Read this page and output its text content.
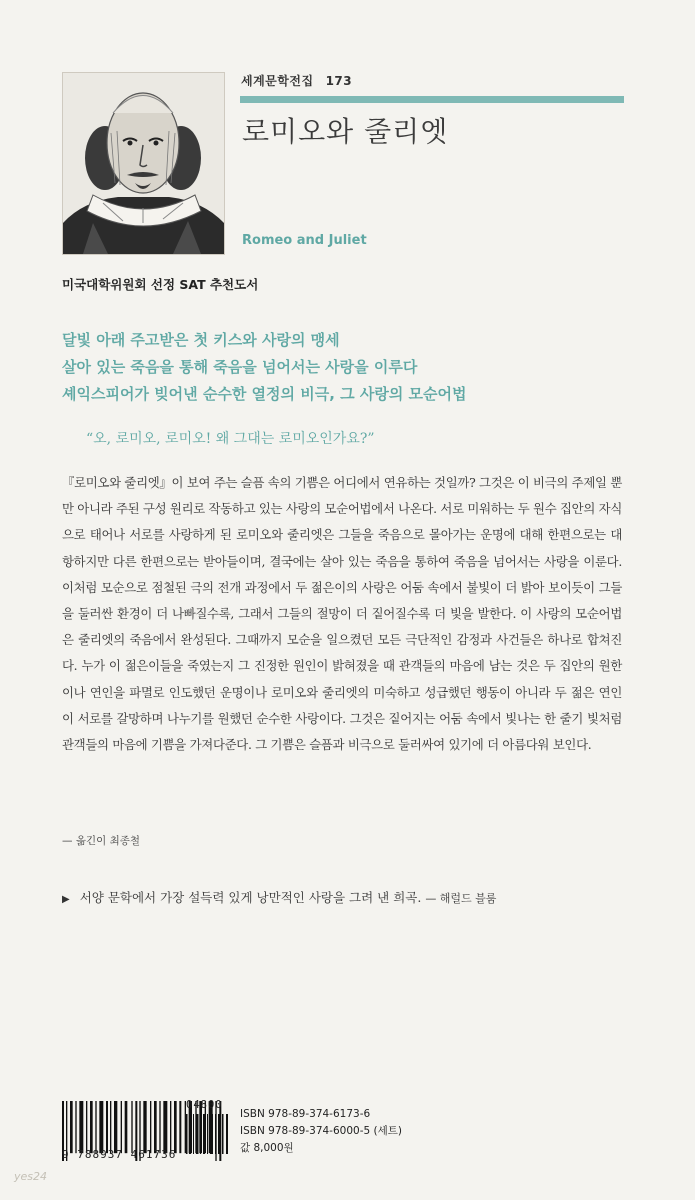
세계문학전집 173
로미오와 줄리엣
Romeo and Juliet
미국대학위원회 선정 SAT 추천도서
달빛 아래 주고받은 첫 키스와 사랑의 맹세
살아 있는 죽음을 통해 죽음을 넘어서는 사랑을 이루다
셰익스피어가 빚어낸 순수한 열정의 비극, 그 사랑의 모순어법
“오, 로미오, 로미오! 왜 그대는 로미오인가요?”

『로미오와 줄리엣』이 보여 주는 슬픔 속의 기쁨은 어디에서 연유하는 것일까? 그것은 이 비극의 주제일 뿐만 아니라 주된 구성 원리로 작동하고 있는 사랑의 모순어법에서 나온다. 서로 미워하는 두 원수 집안의 자식으로 태어나 서로를 사랑하게 된 로미오와 줄리엣은 그들을 죽음으로 몰아가는 운명에 대해 한편으로는 대항하지만 다른 한편으로는 받아들이며, 결국에는 살아 있는 죽음을 통하여 죽음을 넘어서는 사랑을 이룬다. 이처럼 모순으로 점철된 극의 전개 과정에서 두 젊은이의 사랑은 어둠 속에서 불빛이 더 밝아 보이듯이 그들을 둘러싼 환경이 더 나빠질수록, 그래서 그들의 절망이 더 짙어질수록 더 빛을 발한다. 이 사랑의 모순어법은 줄리엣의 죽음에서 완성된다. 그때까지 모순을 일으켰던 모든 극단적인 감정과 사건들은 하나로 합쳐진다. 누가 이 젊은이들을 죽였는지 그 진정한 원인이 밝혀졌을 때 관객들의 마음에 남는 것은 두 집안의 원한이나 연인을 파멸로 인도했던 운명이나 로미오와 줄리엣의 미숙하고 성급했던 행동이 아니라 두 젊은 연인이 서로를 갈망하며 나누기를 원했던 순수한 사랑이다. 그것은 짙어지는 어둠 속에서 빛나는 한 줄기 빛처럼 관객들의 마음에 기쁨을 가져다준다. 그 기쁨은 슬픔과 비극으로 둘러싸여 있기에 더 아름다워 보인다.

— 옮긴이 최종철
▶ 서양 문학에서 가장 설득력 있게 낭만적인 사랑을 그려 낸 희곡. — 해럴드 블룸
9 788937 461736
04800
ISBN 978-89-374-6173-6
ISBN 978-89-374-6000-5 (세트)
값 8,000원
yes24
